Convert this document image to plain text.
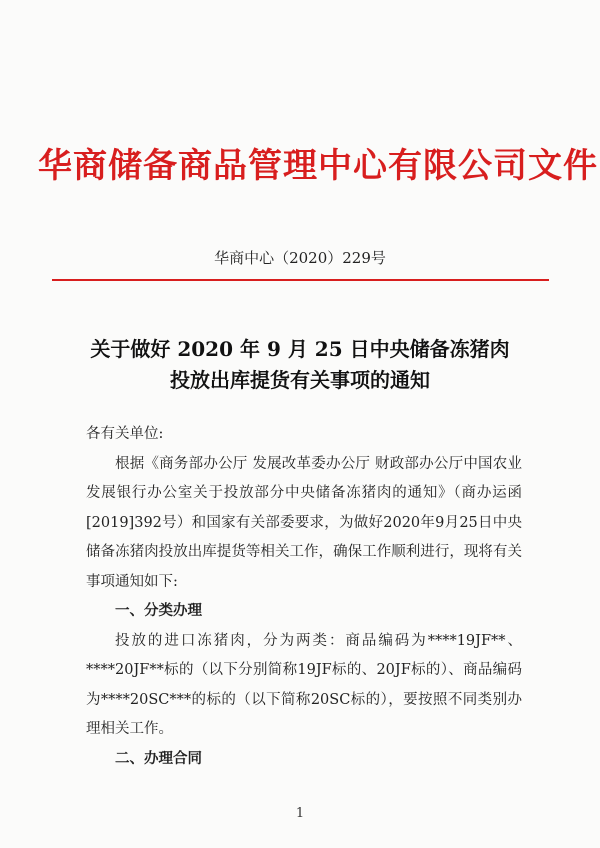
华商储备商品管理中心有限公司文件
华商中心（2020）229号
关于做好 2020 年 9 月 25 日中央储备冻猪肉
投放出库提货有关事项的通知

各有关单位:

根据《商务部办公厅 发展改革委办公厅 财政部办公厅中国农业发展银行办公室关于投放部分中央储备冻猪肉的通知》（商办运函[2019]392号）和国家有关部委要求，为做好2020年9月25日中央储备冻猪肉投放出库提货等相关工作，确保工作顺利进行，现将有关事项通知如下:

一、分类办理

投放的进口冻猪肉，分为两类：商品编码为****19JF**、****20JF**标的（以下分别简称19JF标的、20JF标的）、商品编码为****20SC***的标的（以下简称20SC标的），要按照不同类别办理相关工作。

二、办理合同

1
